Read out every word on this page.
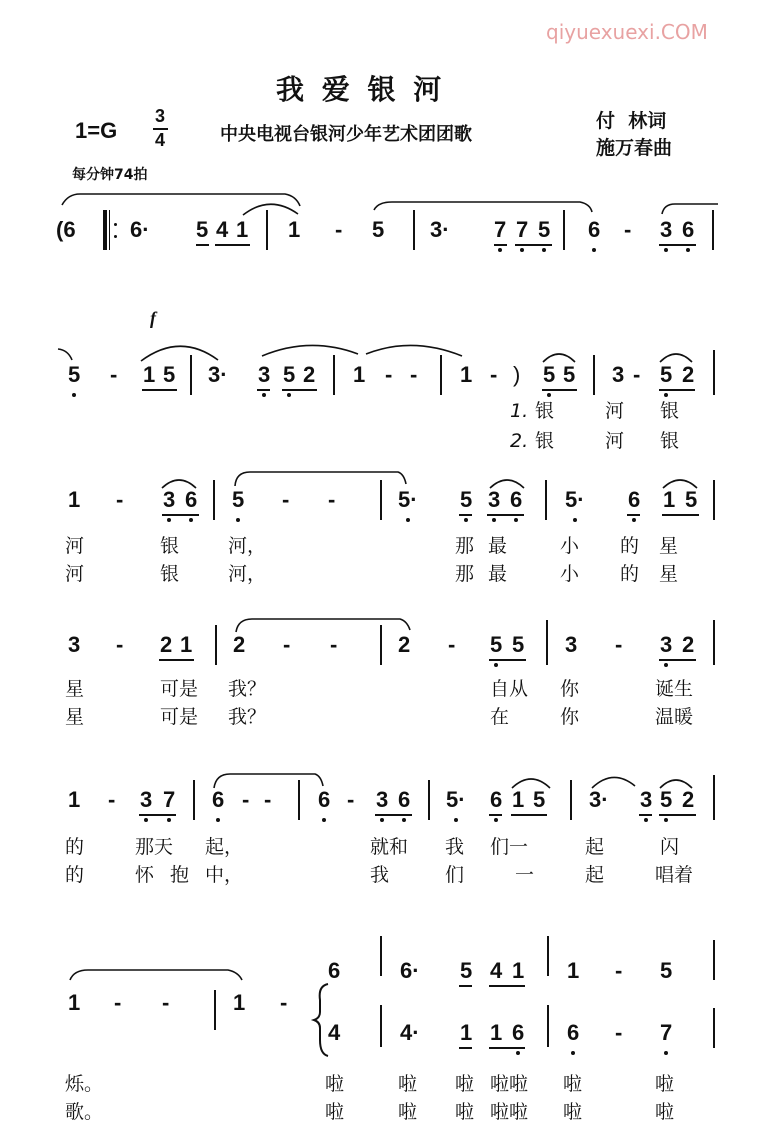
qiyuexuexi.COM
我 爱 银 河
1=G
3
4	中央电视台银河少年艺术团团歌
付  林词
施万春曲
每分钟74拍
(6 6· 5 4 1 1 - 5 3· 7 7 5 6 - 3 6
f
5 - 1 5 3· 3 5 2 1 - - 1 - ) 5 5 3 - 5 2
1. 银	河 银
2. 银	河 银
1 - 3 6 5 - -	5· 5 3 6 5· 6 1 5
河	银	河，	那最 小 的星
河	银	河，	那最 小 的星
3 - 2 1 2 - -	2 - 5 5 3 - 3 2
星	可是 我？	自从 你	诞生
星	可是 我？	在	你	温暖
1 - 3 7 6 - - 6 - 3 6 5· 6 1 5 3· 3 5 2
的	那天 起，	就和 我 们一	起	闪
的	怀 抱 中，	我	们	一	起	唱着
1 - -	1 -
6	6· 5 4 1 1 - 5
4	4· 1 1 6 6 - 7
烁。	啦	啦 啦 啦啦 啦	啦
歌。	啦	啦 啦 啦啦 啦	啦
